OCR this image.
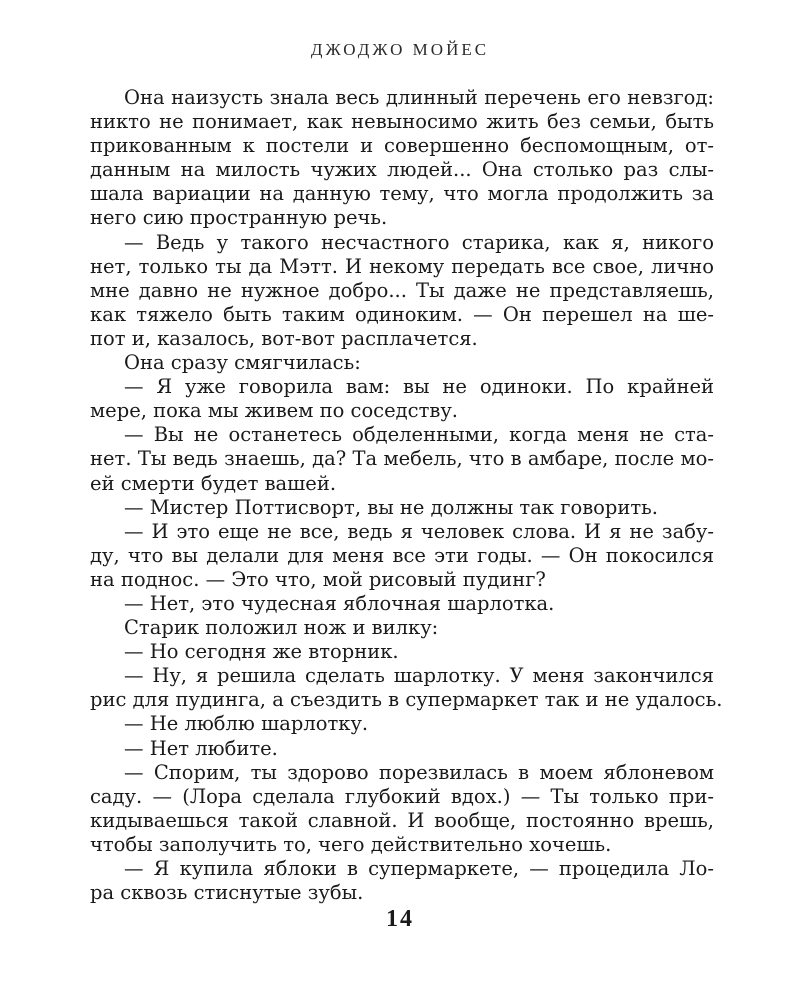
ДЖОДЖО МОЙЕС
Она наизусть знала весь длинный перечень его невзгод:
никто не понимает, как невыносимо жить без семьи, быть
прикованным к постели и совершенно беспомощным, от-
данным на милость чужих людей... Она столько раз слы-
шала вариации на данную тему, что могла продолжить за
него сию пространную речь.
— Ведь у такого несчастного старика, как я, никого
нет, только ты да Мэтт. И некому передать все свое, лично
мне давно не нужное добро... Ты даже не представляешь,
как тяжело быть таким одиноким. — Он перешел на ше-
пот и, казалось, вот-вот расплачется.
Она сразу смягчилась:
— Я уже говорила вам: вы не одиноки. По крайней
мере, пока мы живем по соседству.
— Вы не останетесь обделенными, когда меня не ста-
нет. Ты ведь знаешь, да? Та мебель, что в амбаре, после мо-
ей смерти будет вашей.
— Мистер Поттисворт, вы не должны так говорить.
— И это еще не все, ведь я человек слова. И я не забу-
ду, что вы делали для меня все эти годы. — Он покосился
на поднос. — Это что, мой рисовый пудинг?
— Нет, это чудесная яблочная шарлотка.
Старик положил нож и вилку:
— Но сегодня же вторник.
— Ну, я решила сделать шарлотку. У меня закончился
рис для пудинга, а съездить в супермаркет так и не удалось.
— Не люблю шарлотку.
— Нет любите.
— Спорим, ты здорово порезвилась в моем яблоневом
саду. — (Лора сделала глубокий вдох.) — Ты только при-
кидываешься такой славной. И вообще, постоянно врешь,
чтобы заполучить то, чего действительно хочешь.
— Я купила яблоки в супермаркете, — процедила Ло-
ра сквозь стиснутые зубы.
14
